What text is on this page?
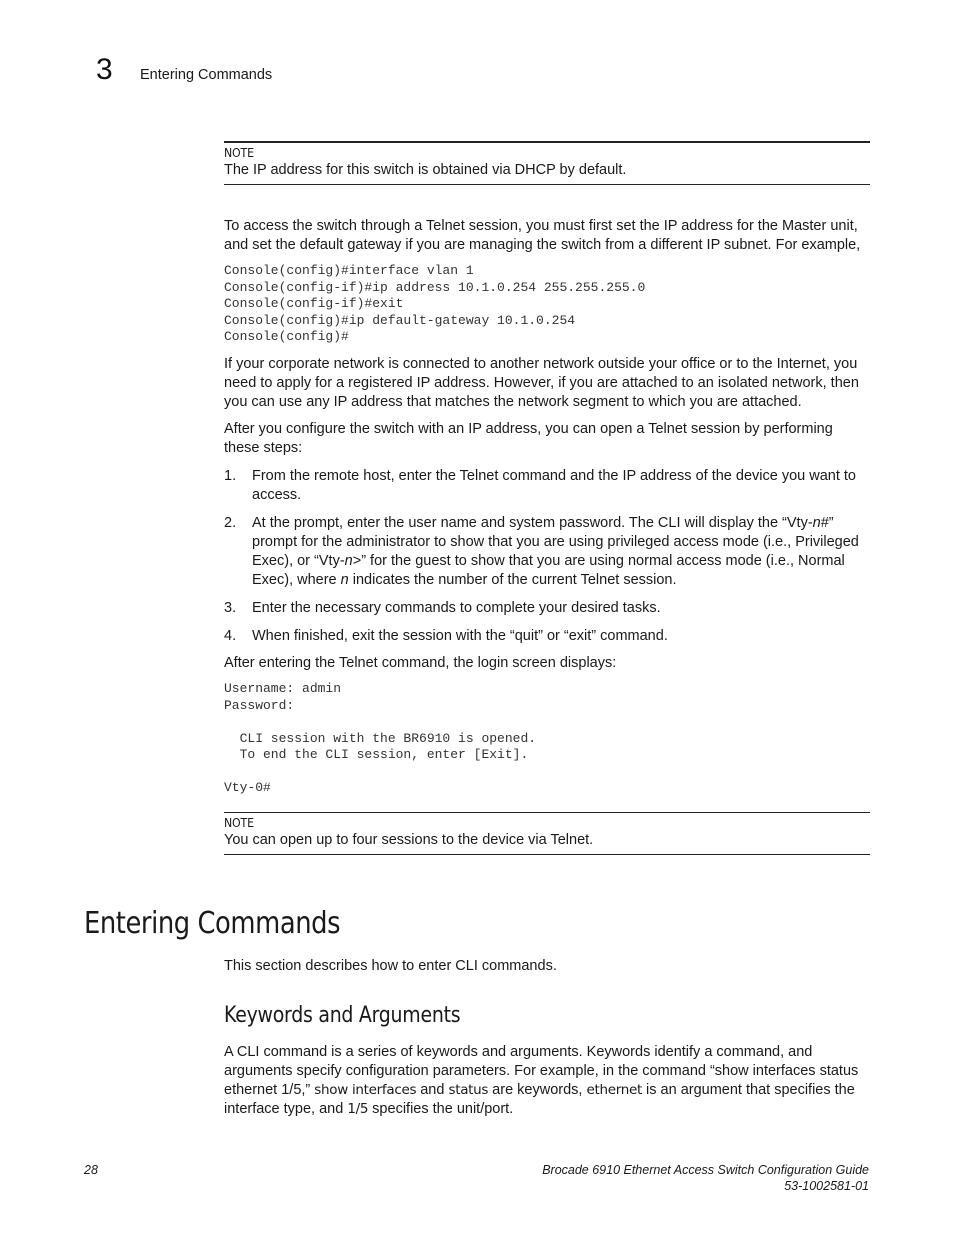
3 Entering Commands
NOTE
The IP address for this switch is obtained via DHCP by default.

To access the switch through a Telnet session, you must first set the IP address for the Master unit, and set the default gateway if you are managing the switch from a different IP subnet. For example,

Console(config)#interface vlan 1
Console(config-if)#ip address 10.1.0.254 255.255.255.0
Console(config-if)#exit
Console(config)#ip default-gateway 10.1.0.254
Console(config)#

If your corporate network is connected to another network outside your office or to the Internet, you need to apply for a registered IP address. However, if you are attached to an isolated network, then you can use any IP address that matches the network segment to which you are attached.

After you configure the switch with an IP address, you can open a Telnet session by performing these steps:

1. From the remote host, enter the Telnet command and the IP address of the device you want to access.
2. At the prompt, enter the user name and system password. The CLI will display the “Vty-n#” prompt for the administrator to show that you are using privileged access mode (i.e., Privileged Exec), or “Vty-n>” for the guest to show that you are using normal access mode (i.e., Normal Exec), where n indicates the number of the current Telnet session.
3. Enter the necessary commands to complete your desired tasks.
4. When finished, exit the session with the “quit” or “exit” command.

After entering the Telnet command, the login screen displays:

Username: admin
Password:
CLI session with the BR6910 is opened.
To end the CLI session, enter [Exit].
Vty-0#
NOTE
You can open up to four sessions to the device via Telnet.
Entering Commands

This section describes how to enter CLI commands.

Keywords and Arguments

A CLI command is a series of keywords and arguments. Keywords identify a command, and arguments specify configuration parameters. For example, in the command “show interfaces status ethernet 1/5,” show interfaces and status are keywords, ethernet is an argument that specifies the interface type, and 1/5 specifies the unit/port.

28	Brocade 6910 Ethernet Access Switch Configuration Guide
53-1002581-01
